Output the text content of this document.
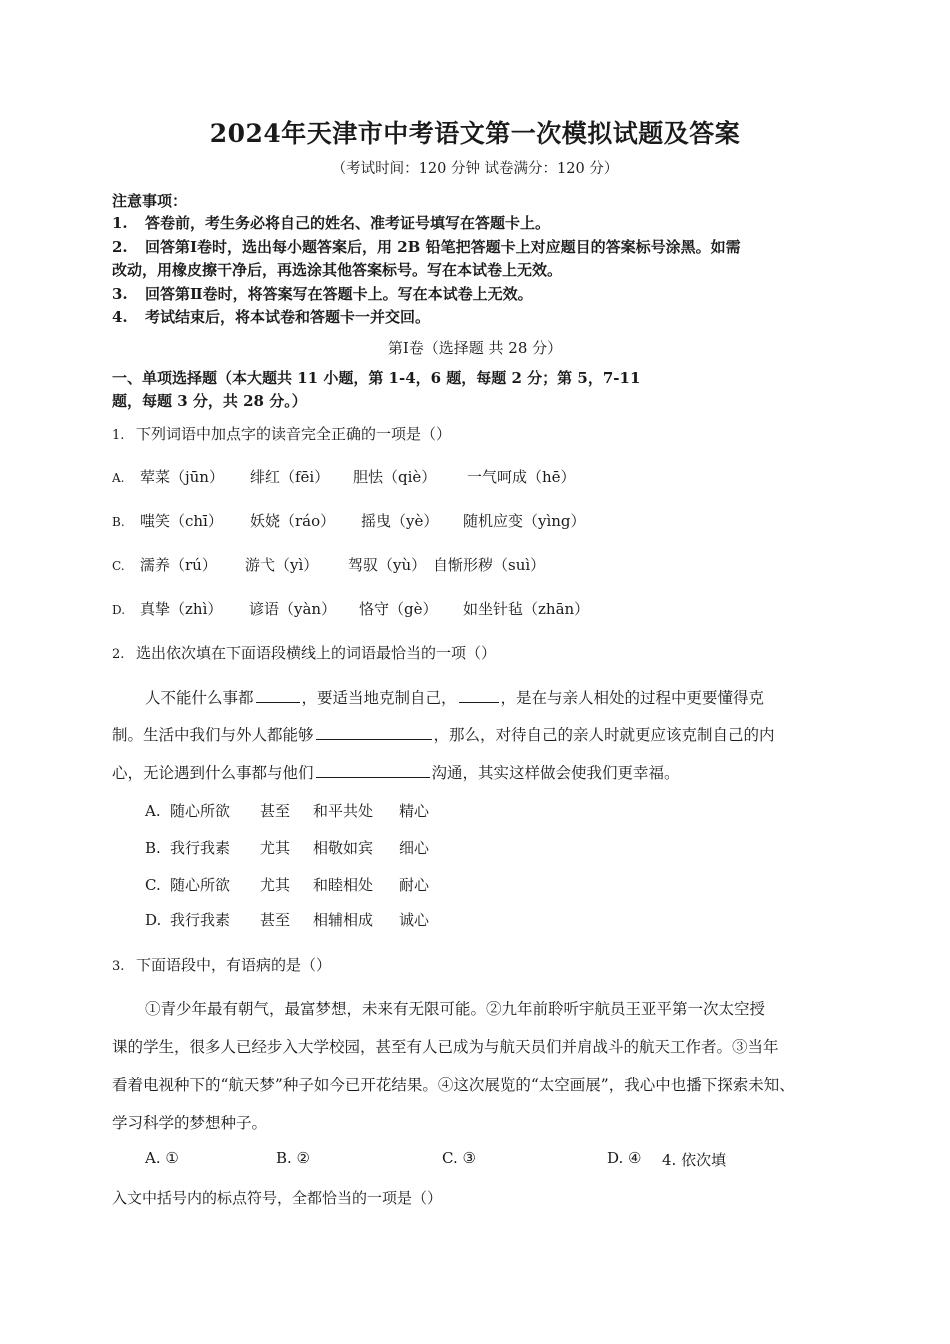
2024年天津市中考语文第一次模拟试题及答案
（考试时间：120 分钟 试卷满分：120 分）
注意事项：
1. 答卷前，考生务必将自己的姓名、准考证号填写在答题卡上。
2. 回答第Ⅰ卷时，选出每小题答案后，用 2B 铅笔把答题卡上对应题目的答案标号涂黑。如需
改动，用橡皮擦干净后，再选涂其他答案标号。写在本试卷上无效。
3. 回答第Ⅱ卷时，将答案写在答题卡上。写在本试卷上无效。
4. 考试结束后，将本试卷和答题卡一并交回。
第Ⅰ卷（选择题 共 28 分）
一、单项选择题（本大题共 11 小题，第 1-4，6 题，每题 2 分；第 5，7-11
题，每题 3 分，共 28 分。）
1. 下列词语中加点字的读音完全正确的一项是（）
A. 荤菜（jūn） 绯红（fēi） 胆怯（qiè） 一气呵成（hē）
B. 嗤笑（chī） 妖娆（ráo） 摇曳（yè） 随机应变（yìng）
C. 濡养（rú） 游弋（yì） 驾驭（yù） 自惭形秽（suì）
D. 真挚（zhì） 谚语（yàn） 恪守（gè） 如坐针毡（zhān）
2. 选出依次填在下面语段横线上的词语最恰当的一项（）
人不能什么事都	，要适当地克制自己，	，是在与亲人相处的过程中更要懂得克
制。生活中我们与外人都能够	，那么，对待自己的亲人时就更应该克制自己的内
心，无论遇到什么事都与他们	沟通，其实这样做会使我们更幸福。
A. 随心所欲 甚至 和平共处 精心
B. 我行我素 尤其 相敬如宾 细心
C. 随心所欲 尤其 和睦相处 耐心
D. 我行我素 甚至 相辅相成 诚心
3. 下面语段中，有语病的是（）
①青少年最有朝气，最富梦想，未来有无限可能。②九年前聆听宇航员王亚平第一次太空授
课的学生，很多人已经步入大学校园，甚至有人已成为与航天员们并肩战斗的航天工作者。③当年
看着电视种下的“航天梦”种子如今已开花结果。④这次展览的“太空画展”，我心中也播下探索未知、
学习科学的梦想种子。
A. ①	B. ②	C. ③	D. ④ 4. 依次填
入文中括号内的标点符号，全都恰当的一项是（）
